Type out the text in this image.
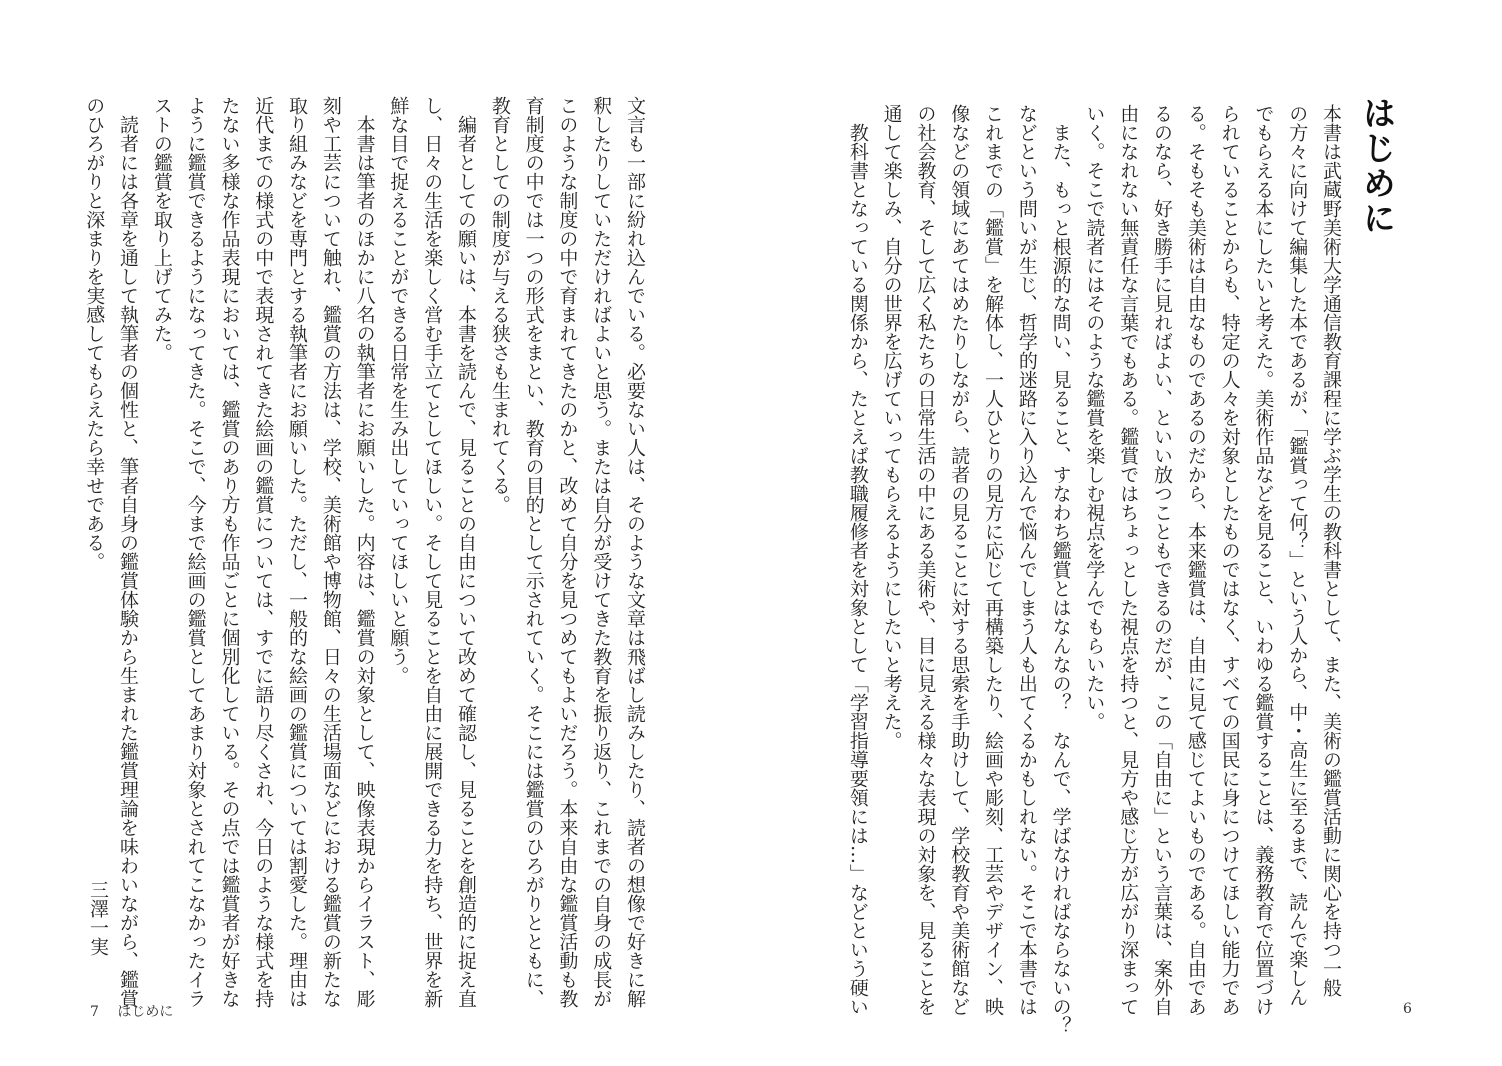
はじめに

本書は武蔵野美術大学通信教育課程に学ぶ学生の教科書として、また、美術の鑑賞活動に関心を持つ一般

の方々に向けて編集した本であるが、「鑑賞って何？」という人から、中・高生に至るまで、読んで楽しん

でもらえる本にしたいと考えた。美術作品などを見ること、いわゆる鑑賞することは、義務教育で位置づけ

られていることからも、特定の人々を対象としたものではなく、すべての国民に身につけてほしい能力であ

る。そもそも美術は自由なものであるのだから、本来鑑賞は、自由に見て感じてよいものである。自由であ

るのなら、好き勝手に見ればよい、といい放つこともできるのだが、この「自由に」という言葉は、案外自

由になれない無責任な言葉でもある。鑑賞ではちょっとした視点を持つと、見方や感じ方が広がり深まって

いく。そこで読者にはそのような鑑賞を楽しむ視点を学んでもらいたい。

　また、もっと根源的な問い、見ること、すなわち鑑賞とはなんなの？　なんで、学ばなければならないの？

などという問いが生じ、哲学的迷路に入り込んで悩んでしまう人も出てくるかもしれない。そこで本書では

これまでの「鑑賞」を解体し、一人ひとりの見方に応じて再構築したり、絵画や彫刻、工芸やデザイン、映

像などの領域にあてはめたりしながら、読者の見ることに対する思索を手助けして、学校教育や美術館など

の社会教育、そして広く私たちの日常生活の中にある美術や、目に見える様々な表現の対象を、見ることを

通して楽しみ、自分の世界を広げていってもらえるようにしたいと考えた。

　教科書となっている関係から、たとえば教職履修者を対象として「学習指導要領には…」などという硬い	6

文言も一部に紛れ込んでいる。必要ない人は、そのような文章は飛ばし読みしたり、読者の想像で好きに解

釈したりしていただければよいと思う。または自分が受けてきた教育を振り返り、これまでの自身の成長が

このような制度の中で育まれてきたのかと、改めて自分を見つめてもよいだろう。本来自由な鑑賞活動も教

育制度の中では一つの形式をまとい、教育の目的として示されていく。そこには鑑賞のひろがりとともに、

教育としての制度が与える狭さも生まれてくる。

　編者としての願いは、本書を読んで、見ることの自由について改めて確認し、見ることを創造的に捉え直

し、日々の生活を楽しく営む手立てとしてほしい。そして見ることを自由に展開できる力を持ち、世界を新

鮮な目で捉えることができる日常を生み出していってほしいと願う。

　本書は筆者のほかに八名の執筆者にお願いした。内容は、鑑賞の対象として、映像表現からイラスト、彫

刻や工芸について触れ、鑑賞の方法は、学校、美術館や博物館、日々の生活場面などにおける鑑賞の新たな

取り組みなどを専門とする執筆者にお願いした。ただし、一般的な絵画の鑑賞については割愛した。理由は

近代までの様式の中で表現されてきた絵画の鑑賞については、すでに語り尽くされ、今日のような様式を持

たない多様な作品表現においては、鑑賞のあり方も作品ごとに個別化している。その点では鑑賞者が好きな

ように鑑賞できるようになってきた。そこで、今まで絵画の鑑賞としてあまり対象とされてこなかったイラ

ストの鑑賞を取り上げてみた。

　読者には各章を通して執筆者の個性と、筆者自身の鑑賞体験から生まれた鑑賞理論を味わいながら、鑑賞

のひろがりと深まりを実感してもらえたら幸せである。

三澤一実
7 はじめに
